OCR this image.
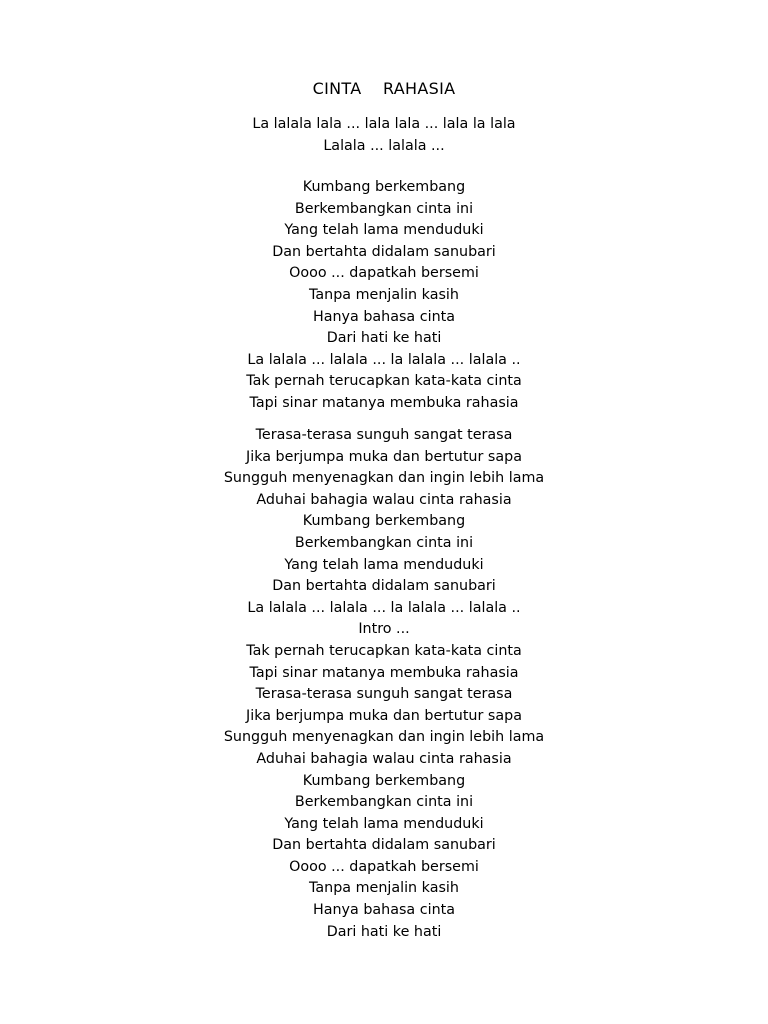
CINTA    RAHASIA
La lalala lala ... lala lala ... lala la lala
Lalala ... lalala ...
Kumbang berkembang
Berkembangkan cinta ini
Yang telah lama menduduki
Dan bertahta didalam sanubari
Oooo ... dapatkah bersemi
Tanpa menjalin kasih
Hanya bahasa cinta
Dari hati ke hati
La lalala ... lalala ... la lalala ... lalala ..
Tak pernah terucapkan kata-kata cinta
Tapi sinar matanya membuka rahasia
Terasa-terasa sunguh sangat terasa
Jika berjumpa muka dan bertutur sapa
Sungguh menyenagkan dan ingin lebih lama
Aduhai bahagia walau cinta rahasia
Kumbang berkembang
Berkembangkan cinta ini
Yang telah lama menduduki
Dan bertahta didalam sanubari
La lalala ... lalala ... la lalala ... lalala ..
Intro ...
Tak pernah terucapkan kata-kata cinta
Tapi sinar matanya membuka rahasia
Terasa-terasa sunguh sangat terasa
Jika berjumpa muka dan bertutur sapa
Sungguh menyenagkan dan ingin lebih lama
Aduhai bahagia walau cinta rahasia
Kumbang berkembang
Berkembangkan cinta ini
Yang telah lama menduduki
Dan bertahta didalam sanubari
Oooo ... dapatkah bersemi
Tanpa menjalin kasih
Hanya bahasa cinta
Dari hati ke hati
